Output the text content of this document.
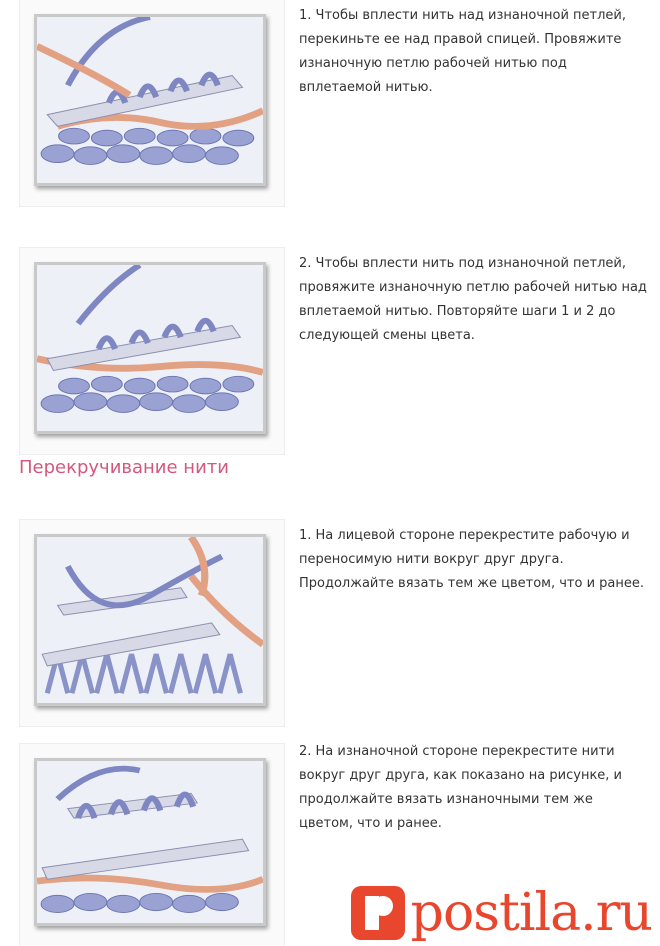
1. Чтобы вплести нить над изнаночной петлей, перекиньте ее над правой спицей. Провяжите изнаночную петлю рабочей нитью под вплетаемой нитью.

2. Чтобы вплести нить под изнаночной петлей, провяжите изнаночную петлю рабочей нитью над вплетаемой нитью. Повторяйте шаги 1 и 2 до следующей смены цвета.

Перекручивание нити

1. На лицевой стороне перекрестите рабочую и переносимую нити вокруг друг друга. Продолжайте вязать тем же цветом, что и ранее.

2. На изнаночной стороне перекрестите нити вокруг друг друга, как показано на рисунке, и продолжайте вязать изнаночными тем же цветом, что и ранее.

postila.ru
